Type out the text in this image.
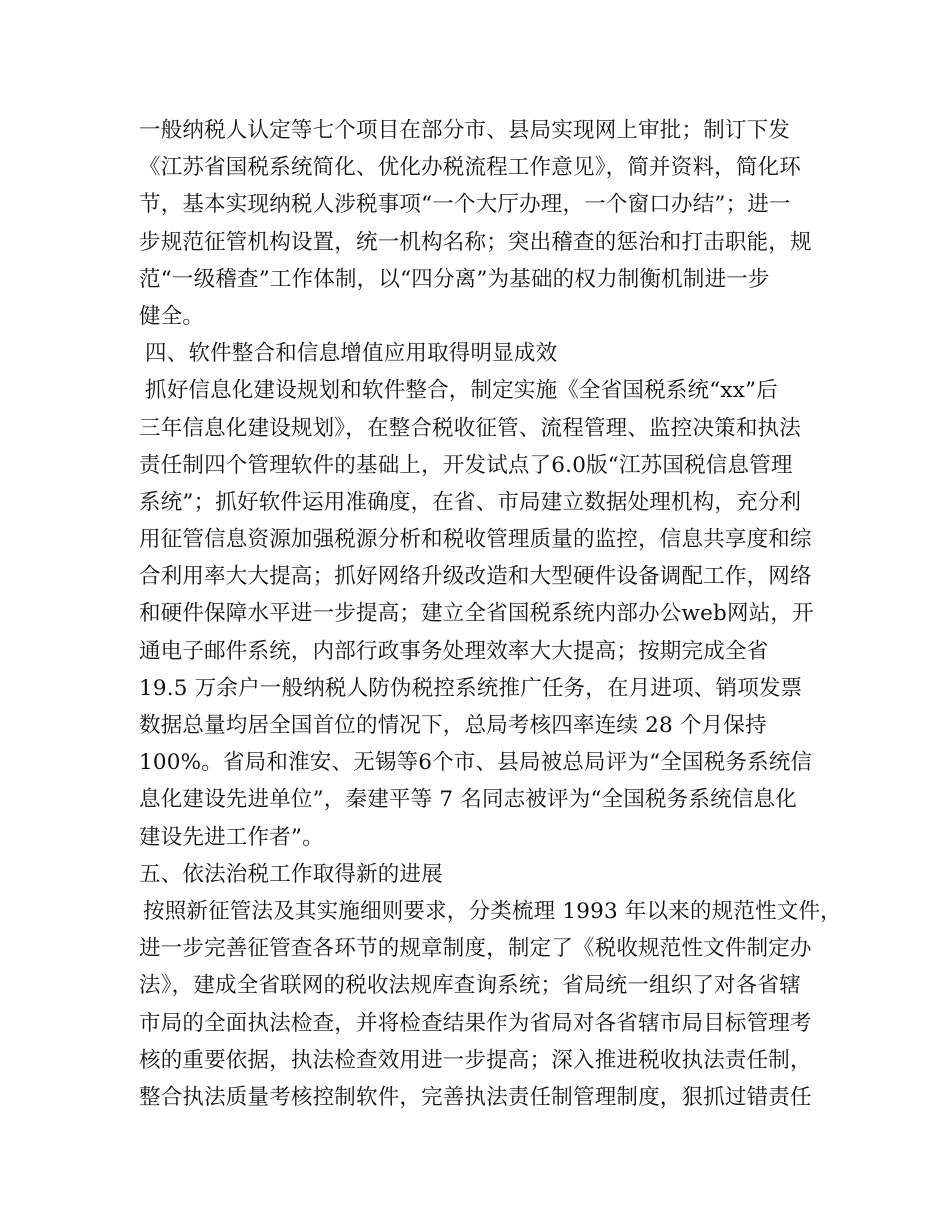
一般纳税人认定等七个项目在部分市、县局实现网上审批；制订下发
《江苏省国税系统简化、优化办税流程工作意见》，简并资料，简化环
节，基本实现纳税人涉税事项“一个大厅办理，一个窗口办结”；进一
步规范征管机构设置，统一机构名称；突出稽查的惩治和打击职能，规
范“一级稽查”工作体制，以“四分离”为基础的权力制衡机制进一步
健全。
四、软件整合和信息增值应用取得明显成效
抓好信息化建设规划和软件整合，制定实施《全省国税系统“xx”后
三年信息化建设规划》，在整合税收征管、流程管理、监控决策和执法
责任制四个管理软件的基础上，开发试点了6.0版“江苏国税信息管理
系统”；抓好软件运用准确度，在省、市局建立数据处理机构，充分利
用征管信息资源加强税源分析和税收管理质量的监控，信息共享度和综
合利用率大大提高；抓好网络升级改造和大型硬件设备调配工作，网络
和硬件保障水平进一步提高；建立全省国税系统内部办公web网站，开
通电子邮件系统，内部行政事务处理效率大大提高；按期完成全省
19.5 万余户一般纳税人防伪税控系统推广任务，在月进项、销项发票
数据总量均居全国首位的情况下，总局考核四率连续 28 个月保持
100%。省局和淮安、无锡等6个市、县局被总局评为“全国税务系统信
息化建设先进单位”，秦建平等 7 名同志被评为“全国税务系统信息化
建设先进工作者”。
五、依法治税工作取得新的进展
按照新征管法及其实施细则要求，分类梳理 1993 年以来的规范性文件，
进一步完善征管查各环节的规章制度，制定了《税收规范性文件制定办
法》，建成全省联网的税收法规库查询系统；省局统一组织了对各省辖
市局的全面执法检查，并将检查结果作为省局对各省辖市局目标管理考
核的重要依据，执法检查效用进一步提高；深入推进税收执法责任制，
整合执法质量考核控制软件，完善执法责任制管理制度，狠抓过错责任
